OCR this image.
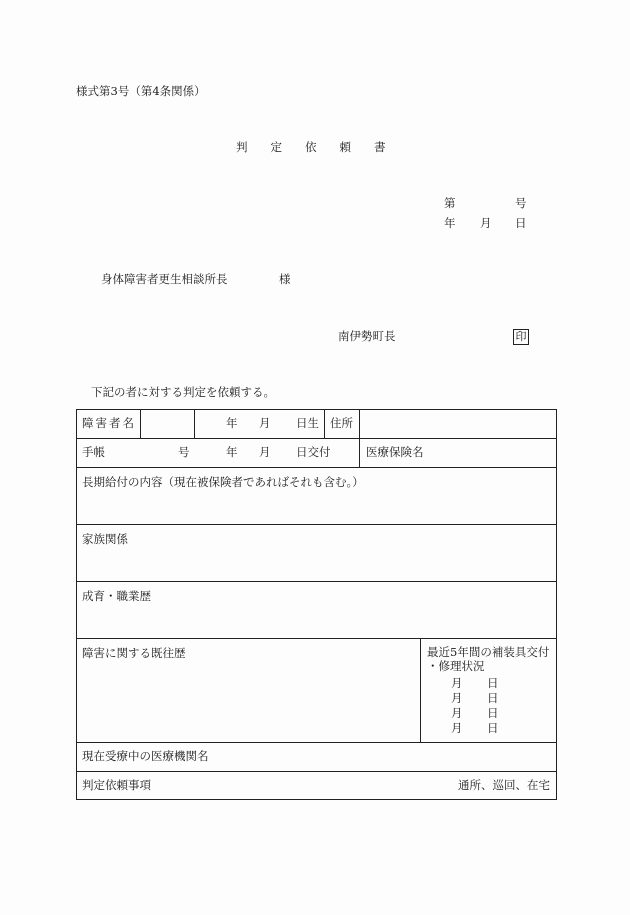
様式第3号（第4条関係）
判　　定　　依　　頼　　書
第	号
年 月 日
身体障害者更生相談所長	様
南伊勢町長	印
下記の者に対する判定を依頼する。
障害者名	年 月 日生 住所
手帳	号	年 月 日交付	医療保険名
長期給付の内容（現在被保険者であればそれも含む。）
家族関係
成育・職業歴
障害に関する既往歴	最近5年間の補装具交付
・修理状況
月 日
月 日
月 日
月 日
現在受療中の医療機関名
判定依頼事項	通所、巡回、在宅
